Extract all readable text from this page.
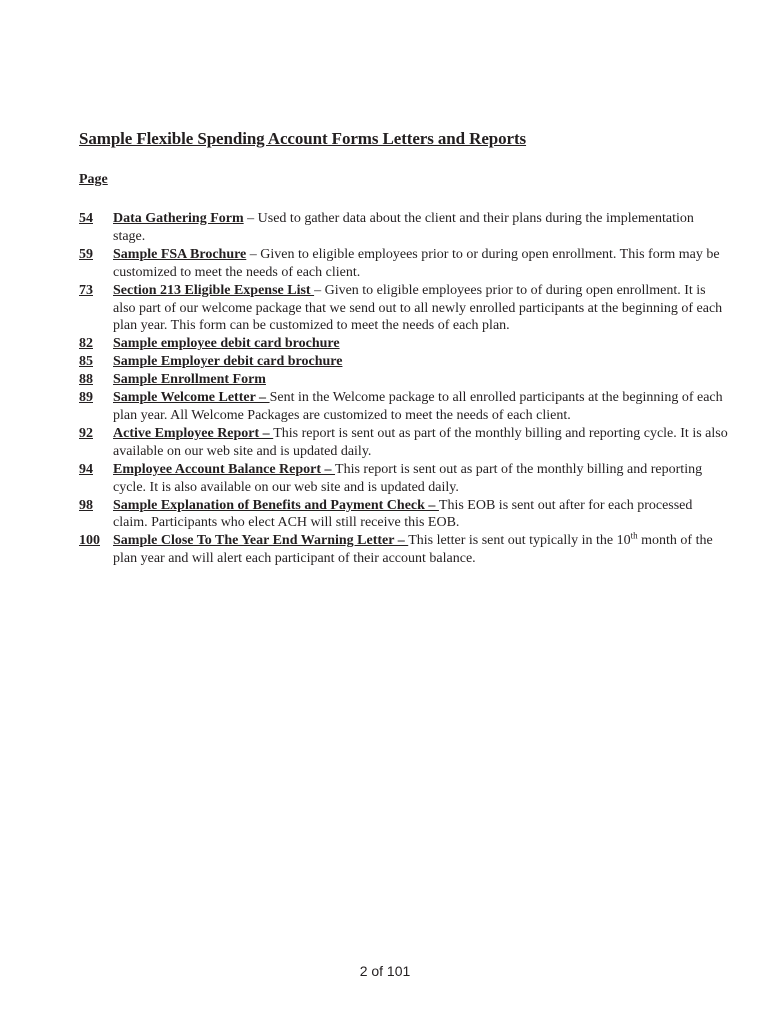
Sample Flexible Spending Account Forms Letters and Reports
Page
54	Data Gathering Form – Used to gather data about the client and their plans during the implementation stage.
59	Sample FSA Brochure – Given to eligible employees prior to or during open enrollment. This form may be customized to meet the needs of each client.
73	Section 213 Eligible Expense List – Given to eligible employees prior to of during open enrollment. It is also part of our welcome package that we send out to all newly enrolled participants at the beginning of each plan year. This form can be customized to meet the needs of each plan.
82	Sample employee debit card brochure
85	Sample Employer debit card brochure
88	Sample Enrollment Form
89	Sample Welcome Letter – Sent in the Welcome package to all enrolled participants at the beginning of each plan year. All Welcome Packages are customized to meet the needs of each client.
92	Active Employee Report – This report is sent out as part of the monthly billing and reporting cycle. It is also available on our web site and is updated daily.
94	Employee Account Balance Report – This report is sent out as part of the monthly billing and reporting cycle. It is also available on our web site and is updated daily.
98	Sample Explanation of Benefits and Payment Check – This EOB is sent out after for each processed claim. Participants who elect ACH will still receive this EOB.
100 Sample Close To The Year End Warning Letter – This letter is sent out typically in the 10th month of the plan year and will alert each participant of their account balance.
2 of 101
